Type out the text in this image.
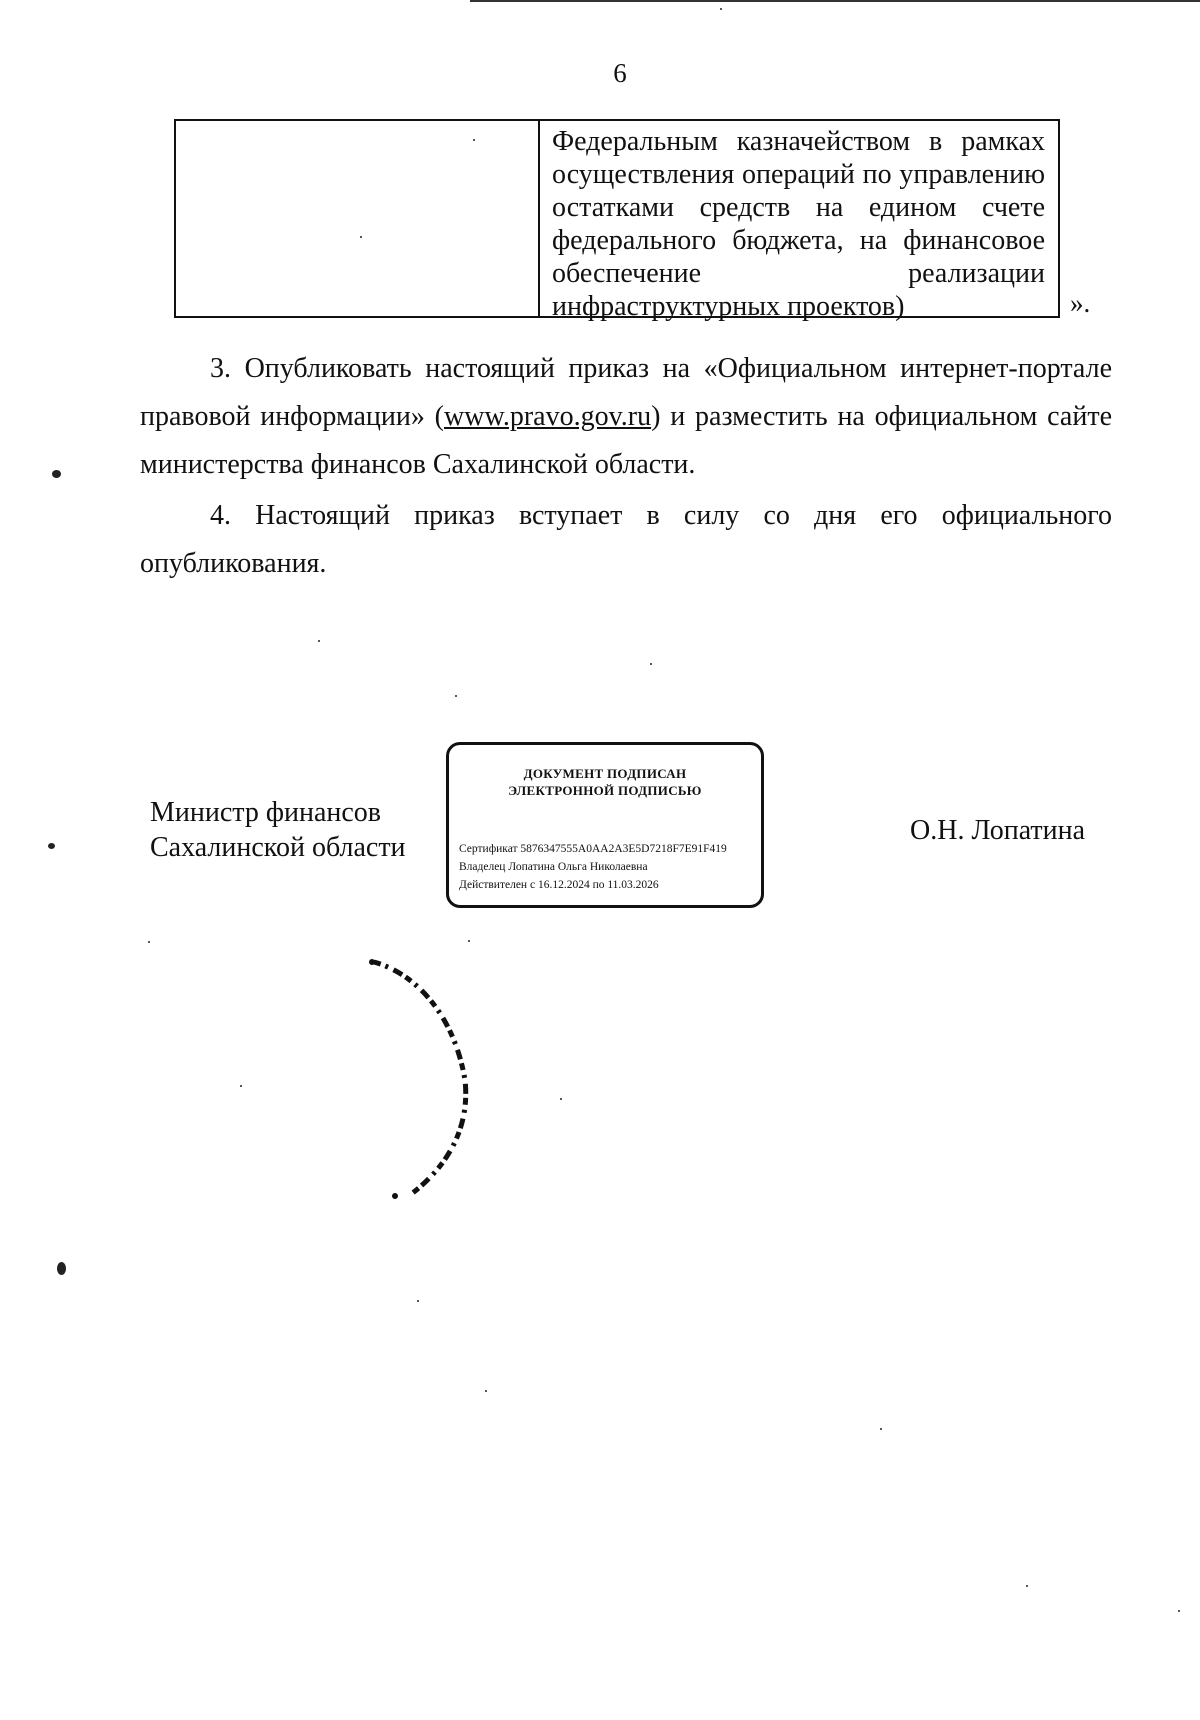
6
Федеральным казначейством в рамках
осуществления операций по управлению
остатками средств на едином счете
федерального бюджета, на финансовое
обеспечение реализации
инфраструктурных проектов)	».
3. Опубликовать настоящий приказ на «Официальном интернет-портале правовой информации» (www.pravo.gov.ru) и разместить на официальном сайте министерства финансов Сахалинской области.
4. Настоящий приказ вступает в силу со дня его официального опубликования.
Министр финансов
Сахалинской области
ДОКУМЕНТ ПОДПИСАН
ЭЛЕКТРОННОЙ ПОДПИСЬЮ
Сертификат 5876347555А0АА2А3Е5D7218F7E91F419
Владелец Лопатина Ольга Николаевна
Действителен с 16.12.2024 по 11.03.2026
О.Н. Лопатина
